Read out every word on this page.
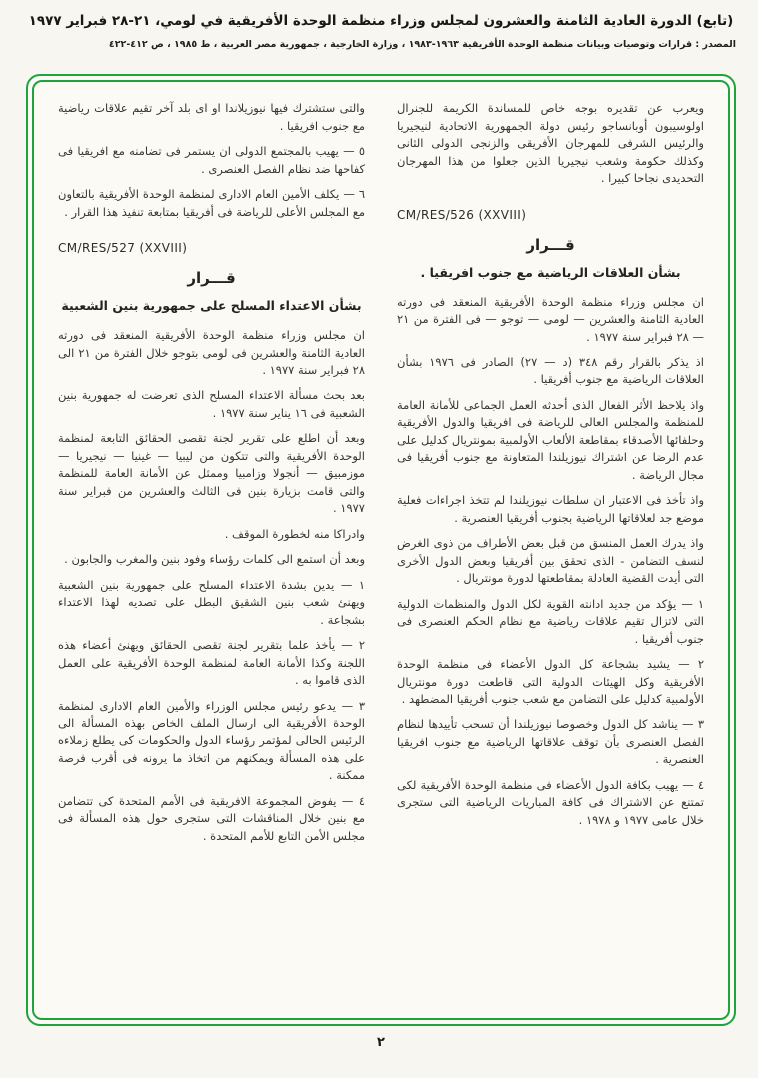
(تابع) الدورة العادية الثامنة والعشرون لمجلس وزراء منظمة الوحدة الأفريقية في لومي، ٢١-٢٨ فبراير ١٩٧٧
المصدر : قرارات وتوصيات وبيانات منظمة الوحدة الأفريقية ١٩٦٣-١٩٨٣ ، وزارة الخارجية ، جمهورية مصر العربية ، ط ١٩٨٥ ، ص ٤١٢-٤٢٢

ويعرب عن تقديره بوجه خاص للمساندة الكريمة للجنرال اولوسيبون أوبانساجو رئيس دولة الجمهورية الاتحادية لنيجيريا والرئيس الشرفى للمهرجان الأفريقى والزنجى الدولى الثانى وكذلك حكومة وشعب نيجيريا الذين جعلوا من هذا المهرجان التحديدى نجاحا كبيرا .

CM/RES/526 (XXVIII)

قـــرار

بشأن العلاقات الرياضية مع جنوب افريقيا .

ان مجلس وزراء منظمة الوحدة الأفريقية المنعقد فى دورته العادية الثامنة والعشرين — لومى — توجو — فى الفترة من ٢١ — ٢٨ فبراير سنة ١٩٧٧ .

اذ يذكر بالقرار رقم ٣٤٨ (د — ٢٧) الصادر فى ١٩٧٦ بشأن العلاقات الرياضية مع جنوب أفريقيا .

واذ يلاحظ الأثر الفعال الذى أحدثه العمل الجماعى للأمانة العامة للمنظمة والمجلس العالى للرياضة فى افريقيا والدول الأفريقية وحلفائها الأصدقاء بمقاطعة الألعاب الأولمبية بمونتريال كدليل على عدم الرضا عن اشتراك نيوزيلندا المتعاونة مع جنوب أفريقيا فى مجال الرياضة .

واذ تأخذ فى الاعتبار ان سلطات نيوزيلندا لم تتخذ اجراءات فعلية موضع جد لعلاقاتها الرياضية بجنوب أفريقيا العنصرية .

واذ يدرك العمل المنسق من قبل بعض الأطراف من ذوى الغرض لنسف التضامن - الذى تحقق بين أفريقيا وبعض الدول الأخرى التى أيدت القضية العادلة بمقاطعتها لدورة مونتريال .

١ — يؤكد من جديد ادانته القوية لكل الدول والمنظمات الدولية التى لاتزال تقيم علاقات رياضية مع نظام الحكم العنصرى فى جنوب أفريقيا .

٢ — يشيد بشجاعة كل الدول الأعضاء فى منظمة الوحدة الأفريقية وكل الهيئات الدولية التى قاطعت دورة مونتريال الأولمبية كدليل على التضامن مع شعب جنوب أفريقيا المضطهد .

٣ — يناشد كل الدول وخصوصا نيوزيلندا أن تسحب تأييدها لنظام الفصل العنصرى بأن توقف علاقاتها الرياضية مع جنوب افريقيا العنصرية .

٤ — يهيب بكافة الدول الأعضاء فى منظمة الوحدة الأفريقية لكى تمتنع عن الاشتراك فى كافة المباريات الرياضية التى ستجرى خلال عامى ١٩٧٧ و ١٩٧٨ .

والتى ستشترك فيها نيوزيلاندا او اى بلد آخر تقيم علاقات رياضية مع جنوب افريقيا .

٥ — يهيب بالمجتمع الدولى ان يستمر فى تضامنه مع افريقيا فى كفاحها ضد نظام الفصل العنصرى .

٦ — يكلف الأمين العام الادارى لمنظمة الوحدة الأفريقية بالتعاون مع المجلس الأعلى للرياضة فى أفريقيا بمتابعة تنفيذ هذا القرار .

CM/RES/527 (XXVIII)

قـــرار

بشأن الاعتداء المسلح على جمهورية بنين الشعبية

ان مجلس وزراء منظمة الوحدة الأفريقية المنعقد فى دورته العادية الثامنة والعشرين فى لومى بتوجو خلال الفترة من ٢١ الى ٢٨ فبراير سنة ١٩٧٧ .

بعد بحث مسألة الاعتداء المسلح الذى تعرضت له جمهورية بنين الشعبية فى ١٦ يناير سنة ١٩٧٧ .

وبعد أن اطلع على تقرير لجنة تقصى الحقائق التابعة لمنظمة الوحدة الأفريقية والتى تتكون من ليبيا — غينيا — نيجيريا — موزمبيق — أنجولا وزامبيا وممثل عن الأمانة العامة للمنظمة والتى قامت بزيارة بنين فى الثالث والعشرين من فبراير سنة ١٩٧٧ .

وادراكا منه لخطورة الموقف .

وبعد أن استمع الى كلمات رؤساء وفود بنين والمغرب والجابون .

١ — يدين بشدة الاعتداء المسلح على جمهورية بنين الشعبية ويهنئ شعب بنين الشقيق البطل على تصديه لهذا الاعتداء بشجاعة .

٢ — يأخذ علما بتقرير لجنة تقصى الحقائق ويهنئ أعضاء هذه اللجنة وكذا الأمانة العامة لمنظمة الوحدة الأفريقية على العمل الذى قاموا به .

٣ — يدعو رئيس مجلس الوزراء والأمين العام الادارى لمنظمة الوحدة الأفريقية الى ارسال الملف الخاص بهذه المسألة الى الرئيس الحالى لمؤتمر رؤساء الدول والحكومات كى يطلع زملاءه على هذه المسألة ويمكنهم من اتخاذ ما يرونه فى أقرب فرصة ممكنة .

٤ — يفوض المجموعة الافريقية فى الأمم المتحدة كى تتضامن مع بنين خلال المناقشات التى ستجرى حول هذه المسألة فى مجلس الأمن التابع للأمم المتحدة .

٢
